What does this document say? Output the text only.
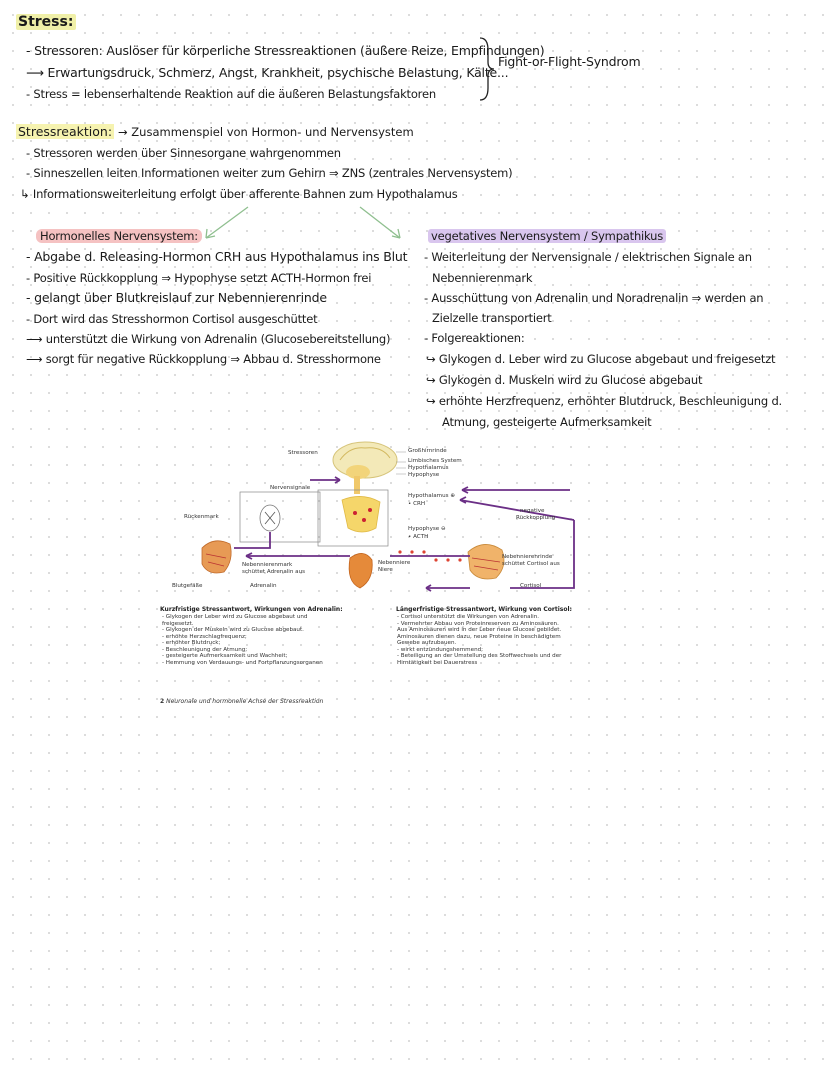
Stress:
- Stressoren: Auslöser für körperliche Stressreaktionen (äußere Reize, Empfindungen)
⟶ Erwartungsdruck, Schmerz, Angst, Krankheit, psychische Belastung, Kälte...
- Stress = lebenserhaltende Reaktion auf die äußeren Belastungsfaktoren
Fight-or-Flight-Syndrom
Stressreaktion: → Zusammenspiel von Hormon- und Nervensystem
- Stressoren werden über Sinnesorgane wahrgenommen
- Sinneszellen leiten Informationen weiter zum Gehirn ⇒ ZNS (zentrales Nervensystem)
↳ Informationsweiterleitung erfolgt über afferente Bahnen zum Hypothalamus
Hormonelles Nervensystem:
- Abgabe d. Releasing-Hormon CRH aus Hypothalamus ins Blut
- Positive Rückkopplung ⇒ Hypophyse setzt ACTH-Hormon frei
- gelangt über Blutkreislauf zur Nebennierenrinde
- Dort wird das Stresshormon Cortisol ausgeschüttet
⟶ unterstützt die Wirkung von Adrenalin (Glucosebereitstellung)
⟶ sorgt für negative Rückkopplung ⇒ Abbau d. Stresshormone
vegetatives Nervensystem / Sympathikus
- Weiterleitung der Nervensignale / elektrischen Signale an
Nebennierenmark
- Ausschüttung von Adrenalin und Noradrenalin ⇒ werden an
Zielzelle transportiert
- Folgereaktionen:
↪ Glykogen d. Leber wird zu Glucose abgebaut und freigesetzt
↪ Glykogen d. Muskeln wird zu Glucose abgebaut
↪ erhöhte Herzfrequenz, erhöhter Blutdruck, Beschleunigung d.
Atmung, gesteigerte Aufmerksamkeit
Stressoren	Großhirnrinde
Limbisches System
Hypothalamus
Hypophyse
Nervensignale
Rückenmark
Hypothalamus ⊕
• CRH
Hypophyse ⊖
• ACTH
negative
Rückkopplung
Nebennierenmark
schüttet Adrenalin aus
Blutgefäße	Adrenalin
Nebenniere
Niere
Nebennierenrinde
schüttet Cortisol aus
Cortisol
Kurzfristige Stressantwort, Wirkungen von Adrenalin:
- Glykogen der Leber wird zu Glucose abgebaut und
freigesetzt.
- Glykogen der Muskeln wird zu Glucose abgebaut.
- erhöhte Herzschlagfrequenz;
- erhöhter Blutdruck;
- Beschleunigung der Atmung;
- gesteigerte Aufmerksamkeit und Wachheit;
- Hemmung von Verdauungs- und Fortpflanzungsorganen
Längerfristige Stressantwort, Wirkung von Cortisol:
- Cortisol unterstützt die Wirkungen von Adrenalin.
- Vermehrter Abbau von Proteinreserven zu Aminosäuren.
Aus Aminosäuren wird in der Leber neue Glucose gebildet.
Aminosäuren dienen dazu, neue Proteine in beschädigtem
Gewebe aufzubauen.
- wirkt entzündungshemmend;
- Beteiligung an der Umstellung des Stoffwechsels und der
Hirntätigkeit bei Dauerstress
2 Neuronale und hormonelle Achse der Stressreaktion
